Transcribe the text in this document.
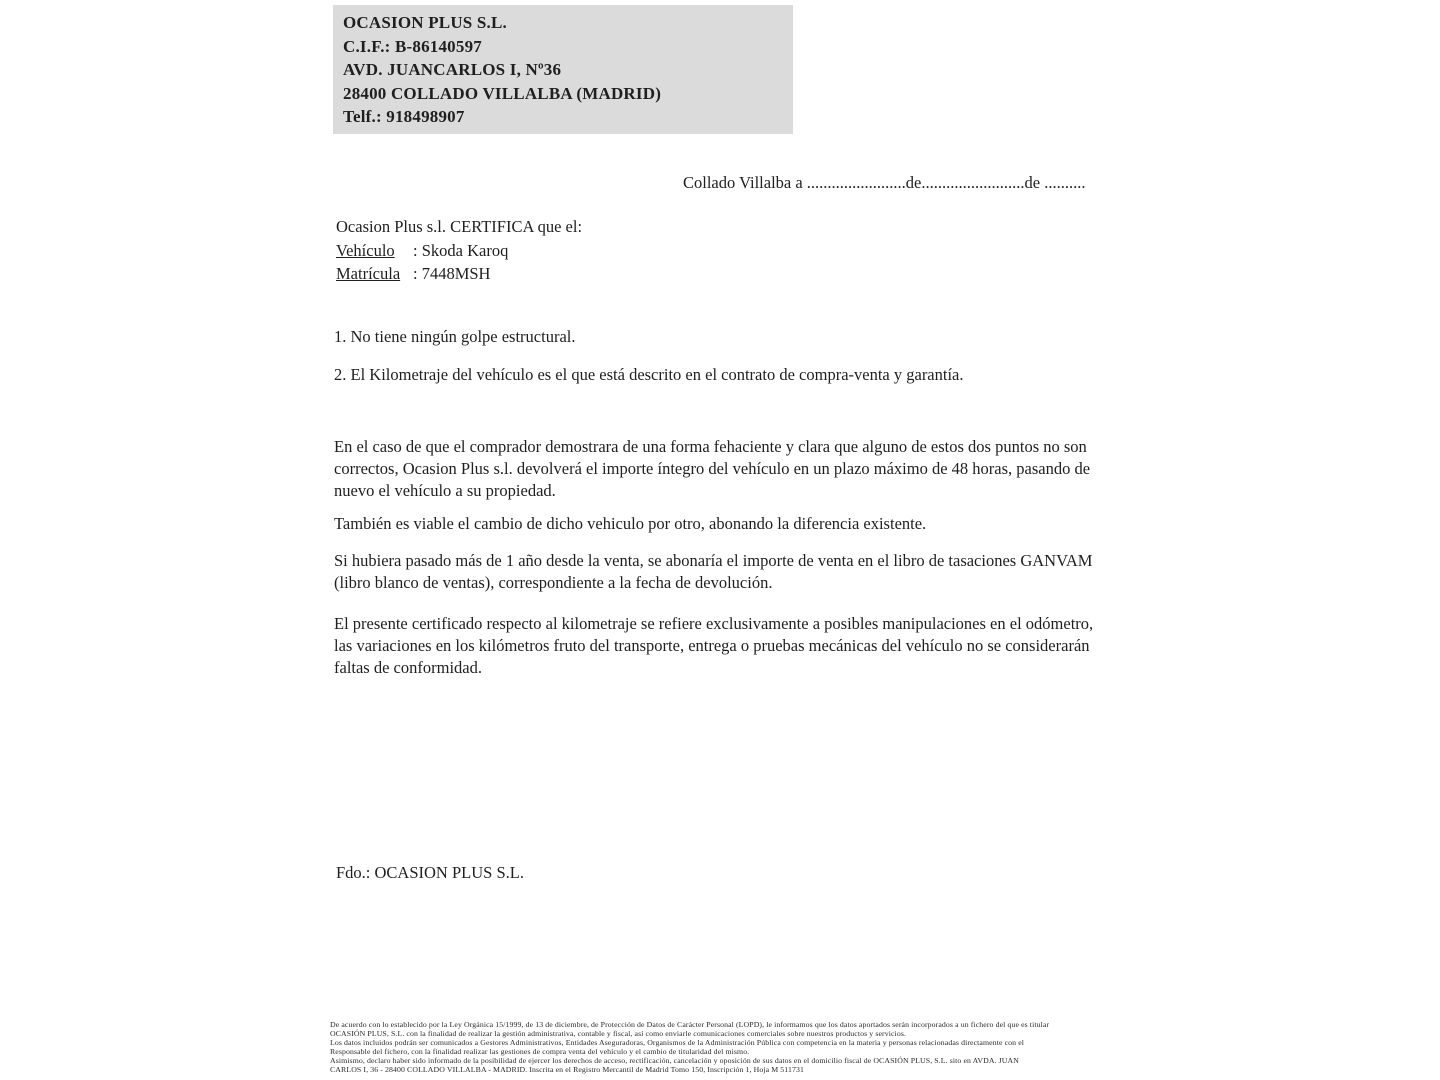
OCASION PLUS S.L.
C.I.F.: B-86140597
AVD. JUANCARLOS I, Nº36
28400 COLLADO VILLALBA (MADRID)
Telf.: 918498907
Collado Villalba a ........................de.........................de ..........
Ocasion Plus s.l. CERTIFICA que el:
Vehículo : Skoda Karoq
Matrícula : 7448MSH

1. No tiene ningún golpe estructural.

2. El Kilometraje del vehículo es el que está descrito en el contrato de compra-venta y garantía.

En el caso de que el comprador demostrara de una forma fehaciente y clara que alguno de estos dos puntos no son correctos, Ocasion Plus s.l. devolverá el importe íntegro del vehículo en un plazo máximo de 48 horas, pasando de nuevo el vehículo a su propiedad.

También es viable el cambio de dicho vehiculo por otro, abonando la diferencia existente.

Si hubiera pasado más de 1 año desde la venta, se abonaría el importe de venta en el libro de tasaciones GANVAM (libro blanco de ventas), correspondiente a la fecha de devolución.

El presente certificado respecto al kilometraje se refiere exclusivamente a posibles manipulaciones en el odómetro, las variaciones en los kilómetros fruto del transporte, entrega o pruebas mecánicas del vehículo no se considerarán faltas de conformidad.

Fdo.: OCASION PLUS S.L.
De acuerdo con lo establecido por la Ley Orgánica 15/1999, de 13 de diciembre, de Protección de Datos de Carácter Personal (LOPD), le informamos que los datos aportados serán incorporados a un fichero del que es titular
OCASIÓN PLUS, S.L. con la finalidad de realizar la gestión administrativa, contable y fiscal, así como enviarle comunicaciones comerciales sobre nuestros productos y servicios.
Los datos incluidos podrán ser comunicados a Gestores Administrativos, Entidades Aseguradoras, Organismos de la Administración Pública con competencia en la materia y personas relacionadas directamente con el
Responsable del fichero, con la finalidad realizar las gestiones de compra venta del vehículo y el cambio de titularidad del mismo.
Asimismo, declaro haber sido informado de la posibilidad de ejercer los derechos de acceso, rectificación, cancelación y oposición de sus datos en el domicilio fiscal de OCASIÓN PLUS, S.L. sito en AVDA. JUAN
CARLOS I, 36 - 28400 COLLADO VILLALBA - MADRID. Inscrita en el Registro Mercantil de Madrid Tomo 150, Inscripción 1, Hoja M 511731
